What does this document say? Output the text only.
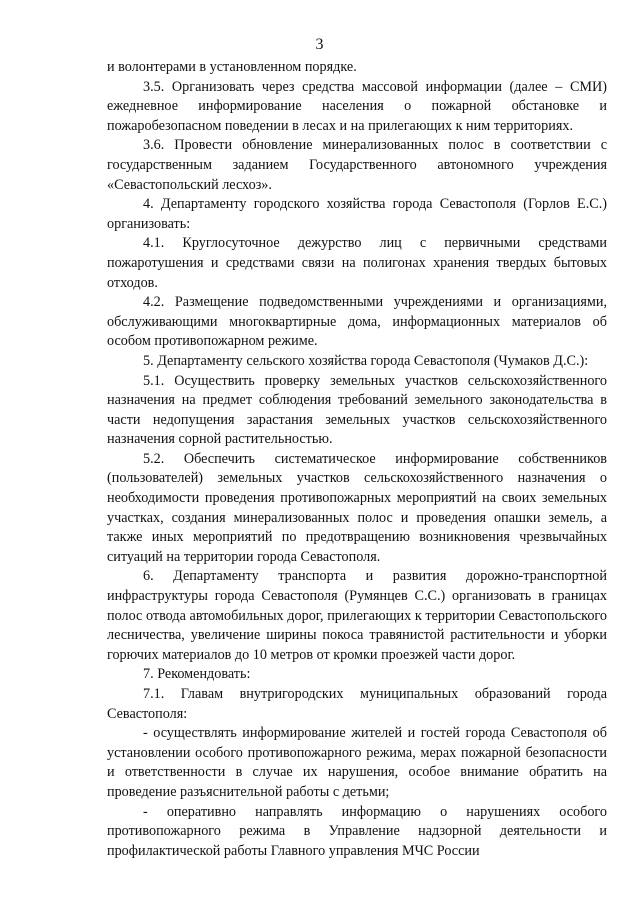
3

и волонтерами в установленном порядке.

3.5. Организовать через средства массовой информации (далее – СМИ) ежедневное информирование населения о пожарной обстановке и пожаробезопасном поведении в лесах и на прилегающих к ним территориях.

3.6. Провести обновление минерализованных полос в соответствии с государственным заданием Государственного автономного учреждения «Севастопольский лесхоз».

4. Департаменту городского хозяйства города Севастополя (Горлов Е.С.) организовать:

4.1. Круглосуточное дежурство лиц с первичными средствами пожаротушения и средствами связи на полигонах хранения твердых бытовых отходов.

4.2. Размещение подведомственными учреждениями и организациями, обслуживающими многоквартирные дома, информационных материалов об особом противопожарном режиме.

5. Департаменту сельского хозяйства города Севастополя (Чумаков Д.С.):

5.1. Осуществить проверку земельных участков сельскохозяйственного назначения на предмет соблюдения требований земельного законодательства в части недопущения зарастания земельных участков сельскохозяйственного назначения сорной растительностью.

5.2. Обеспечить систематическое информирование собственников (пользователей) земельных участков сельскохозяйственного назначения о необходимости проведения противопожарных мероприятий на своих земельных участках, создания минерализованных полос и проведения опашки земель, а также иных мероприятий по предотвращению возникновения чрезвычайных ситуаций на территории города Севастополя.

6. Департаменту транспорта и развития дорожно-транспортной инфраструктуры города Севастополя (Румянцев С.С.) организовать в границах полос отвода автомобильных дорог, прилегающих к территории Севастопольского лесничества, увеличение ширины покоса травянистой растительности и уборки горючих материалов до 10 метров от кромки проезжей части дорог.

7. Рекомендовать:

7.1. Главам внутригородских муниципальных образований города Севастополя:

- осуществлять информирование жителей и гостей города Севастополя об установлении особого противопожарного режима, мерах пожарной безопасности и ответственности в случае их нарушения, особое внимание обратить на проведение разъяснительной работы с детьми;

- оперативно направлять информацию о нарушениях особого противопожарного режима в Управление надзорной деятельности и профилактической работы Главного управления МЧС России
